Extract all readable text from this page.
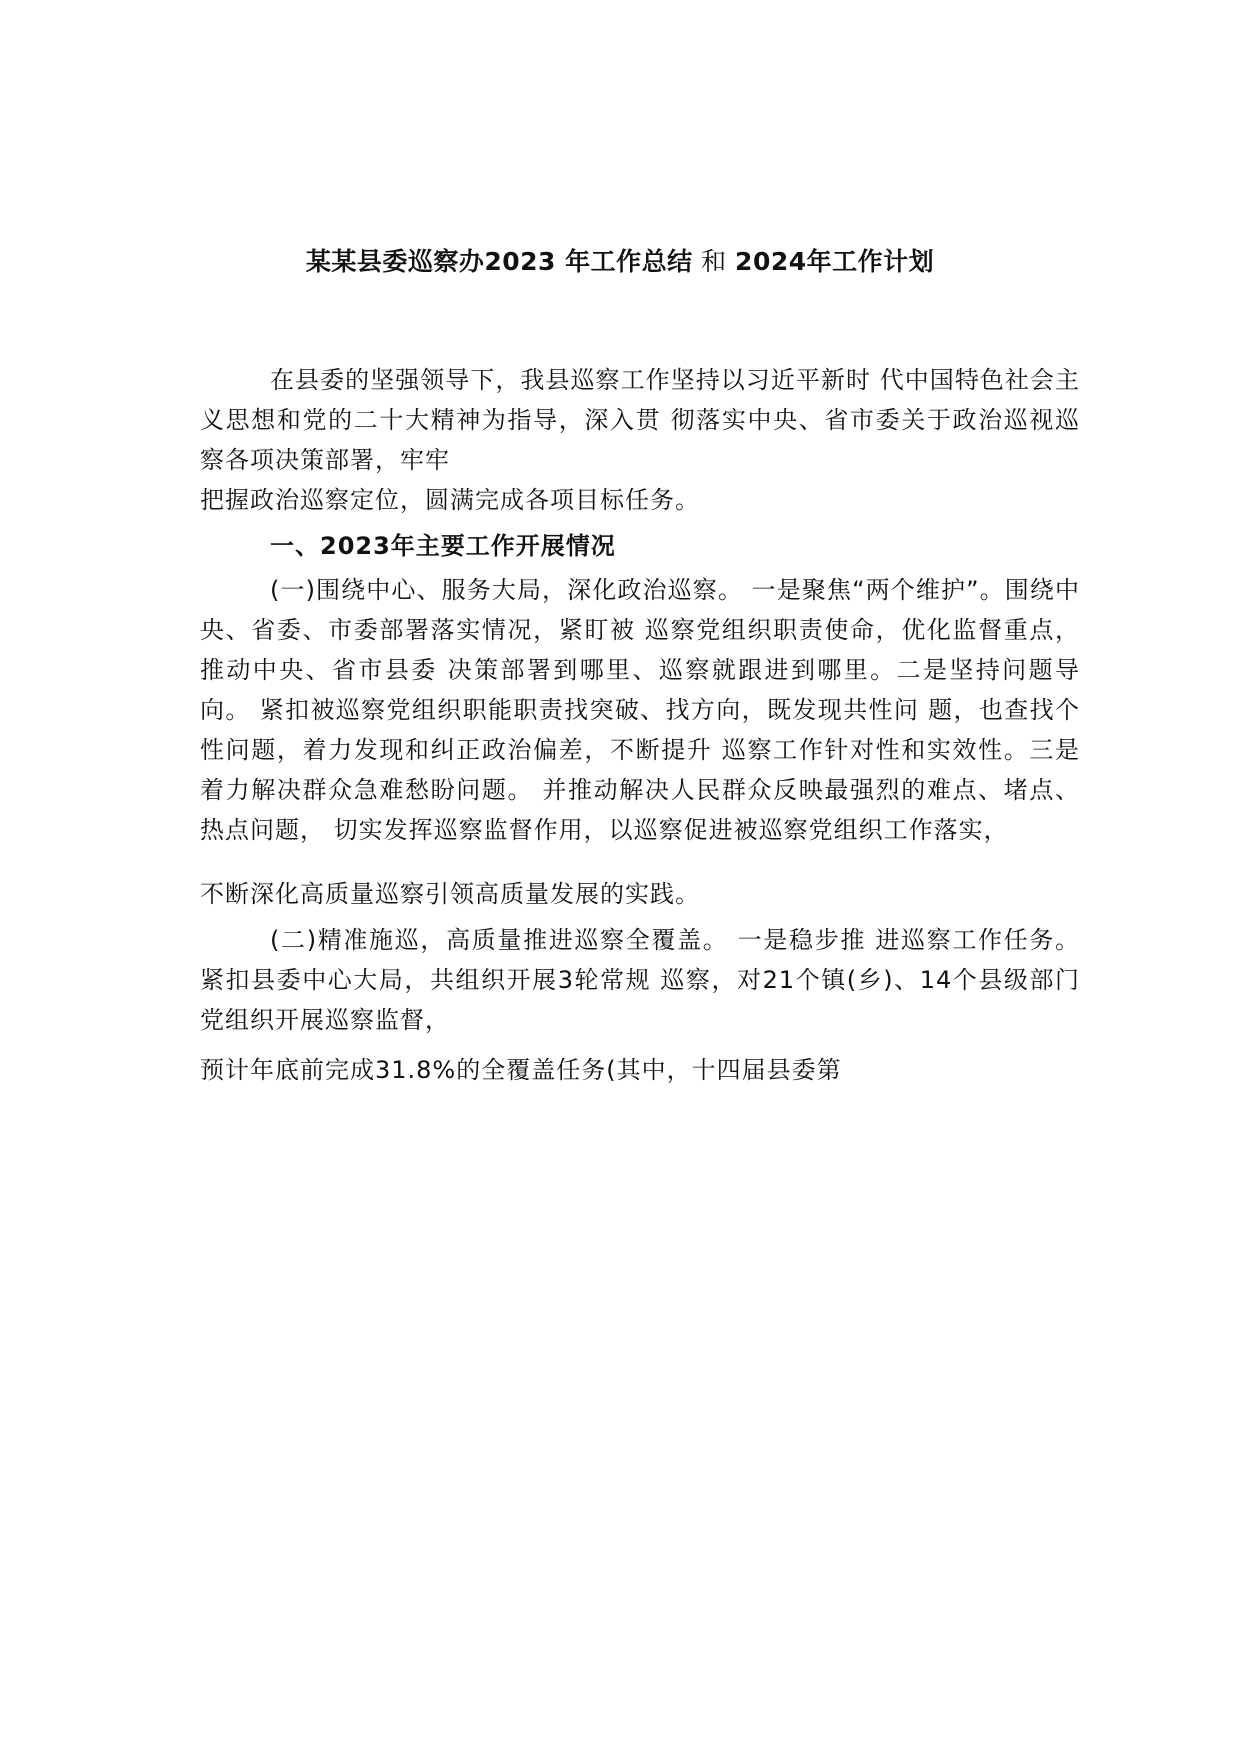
某某县委巡察办2023 年工作总结 和 2024年工作计划
在县委的坚强领导下，我县巡察工作坚持以习近平新时 代中国特色社会主义思想和党的二十大精神为指导，深入贯 彻落实中央、省市委关于政治巡视巡察各项决策部署，牢牢
把握政治巡察定位，圆满完成各项目标任务。
一、2023年主要工作开展情况
(一)围绕中心、服务大局，深化政治巡察。 一是聚焦“两个维护”。围绕中央、省委、市委部署落实情况，紧盯被 巡察党组织职责使命，优化监督重点，推动中央、省市县委 决策部署到哪里、巡察就跟进到哪里。二是坚持问题导向。 紧扣被巡察党组织职能职责找突破、找方向，既发现共性问 题，也查找个性问题，着力发现和纠正政治偏差，不断提升 巡察工作针对性和实效性。三是着力解决群众急难愁盼问题。 并推动解决人民群众反映最强烈的难点、堵点、热点问题， 切实发挥巡察监督作用，以巡察促进被巡察党组织工作落实，
不断深化高质量巡察引领高质量发展的实践。
(二)精准施巡，高质量推进巡察全覆盖。 一是稳步推 进巡察工作任务。紧扣县委中心大局，共组织开展3轮常规 巡察，对21个镇(乡)、14个县级部门党组织开展巡察监督，
预计年底前完成31.8%的全覆盖任务(其中，十四届县委第
